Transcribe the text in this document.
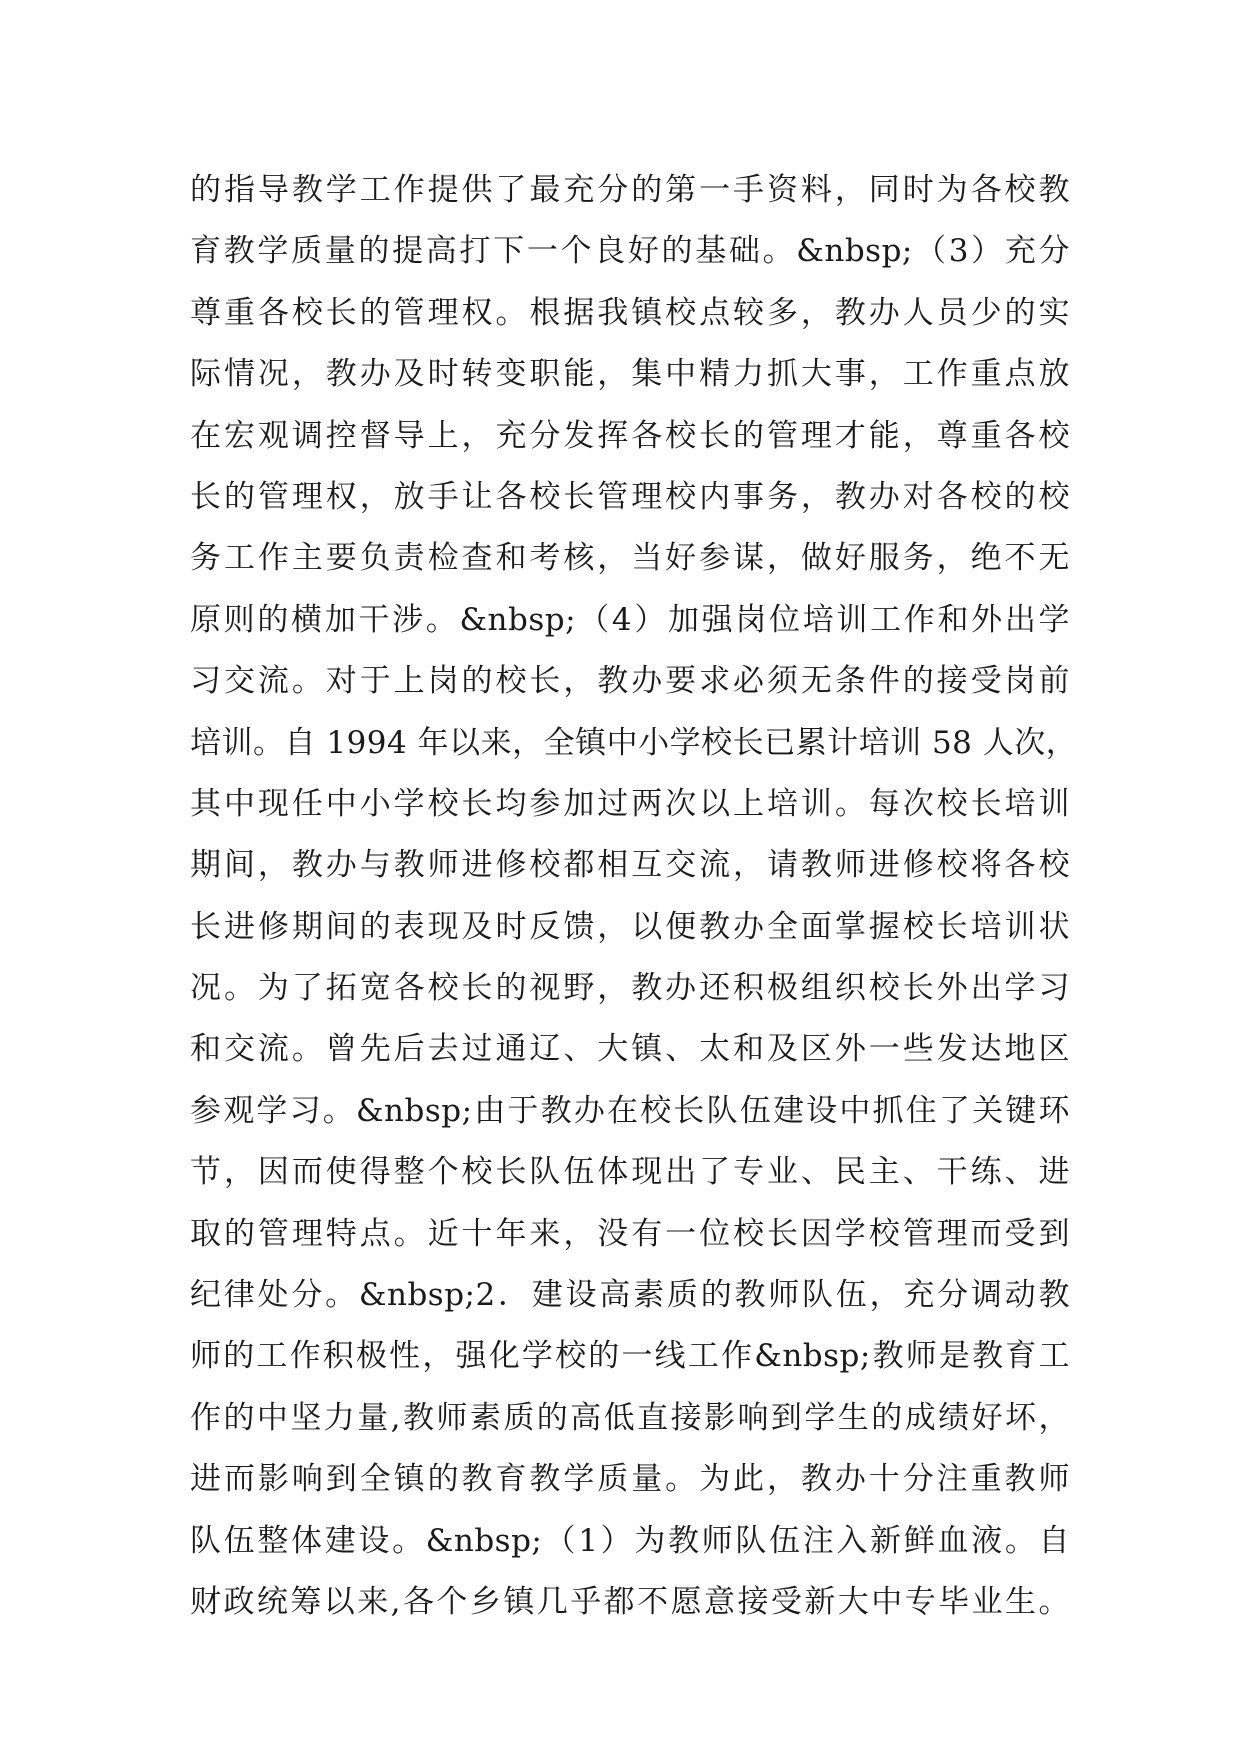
的指导教学工作提供了最充分的第一手资料，同时为各校教
育教学质量的提高打下一个良好的基础。&nbsp;（3）充分
尊重各校长的管理权。根据我镇校点较多，教办人员少的实
际情况，教办及时转变职能，集中精力抓大事，工作重点放
在宏观调控督导上，充分发挥各校长的管理才能，尊重各校
长的管理权，放手让各校长管理校内事务，教办对各校的校
务工作主要负责检查和考核，当好参谋，做好服务，绝不无
原则的横加干涉。&nbsp;（4）加强岗位培训工作和外出学
习交流。对于上岗的校长，教办要求必须无条件的接受岗前
培训。自 1994 年以来，全镇中小学校长已累计培训 58 人次，
其中现任中小学校长均参加过两次以上培训。每次校长培训
期间，教办与教师进修校都相互交流，请教师进修校将各校
长进修期间的表现及时反馈，以便教办全面掌握校长培训状
况。为了拓宽各校长的视野，教办还积极组织校长外出学习
和交流。曾先后去过通辽、大镇、太和及区外一些发达地区
参观学习。&nbsp;由于教办在校长队伍建设中抓住了关键环
节，因而使得整个校长队伍体现出了专业、民主、干练、进
取的管理特点。近十年来，没有一位校长因学校管理而受到
纪律处分。&nbsp;2．建设高素质的教师队伍，充分调动教
师的工作积极性，强化学校的一线工作&nbsp;教师是教育工
作的中坚力量,教师素质的高低直接影响到学生的成绩好坏，
进而影响到全镇的教育教学质量。为此，教办十分注重教师
队伍整体建设。&nbsp;（1）为教师队伍注入新鲜血液。自
财政统筹以来,各个乡镇几乎都不愿意接受新大中专毕业生。
